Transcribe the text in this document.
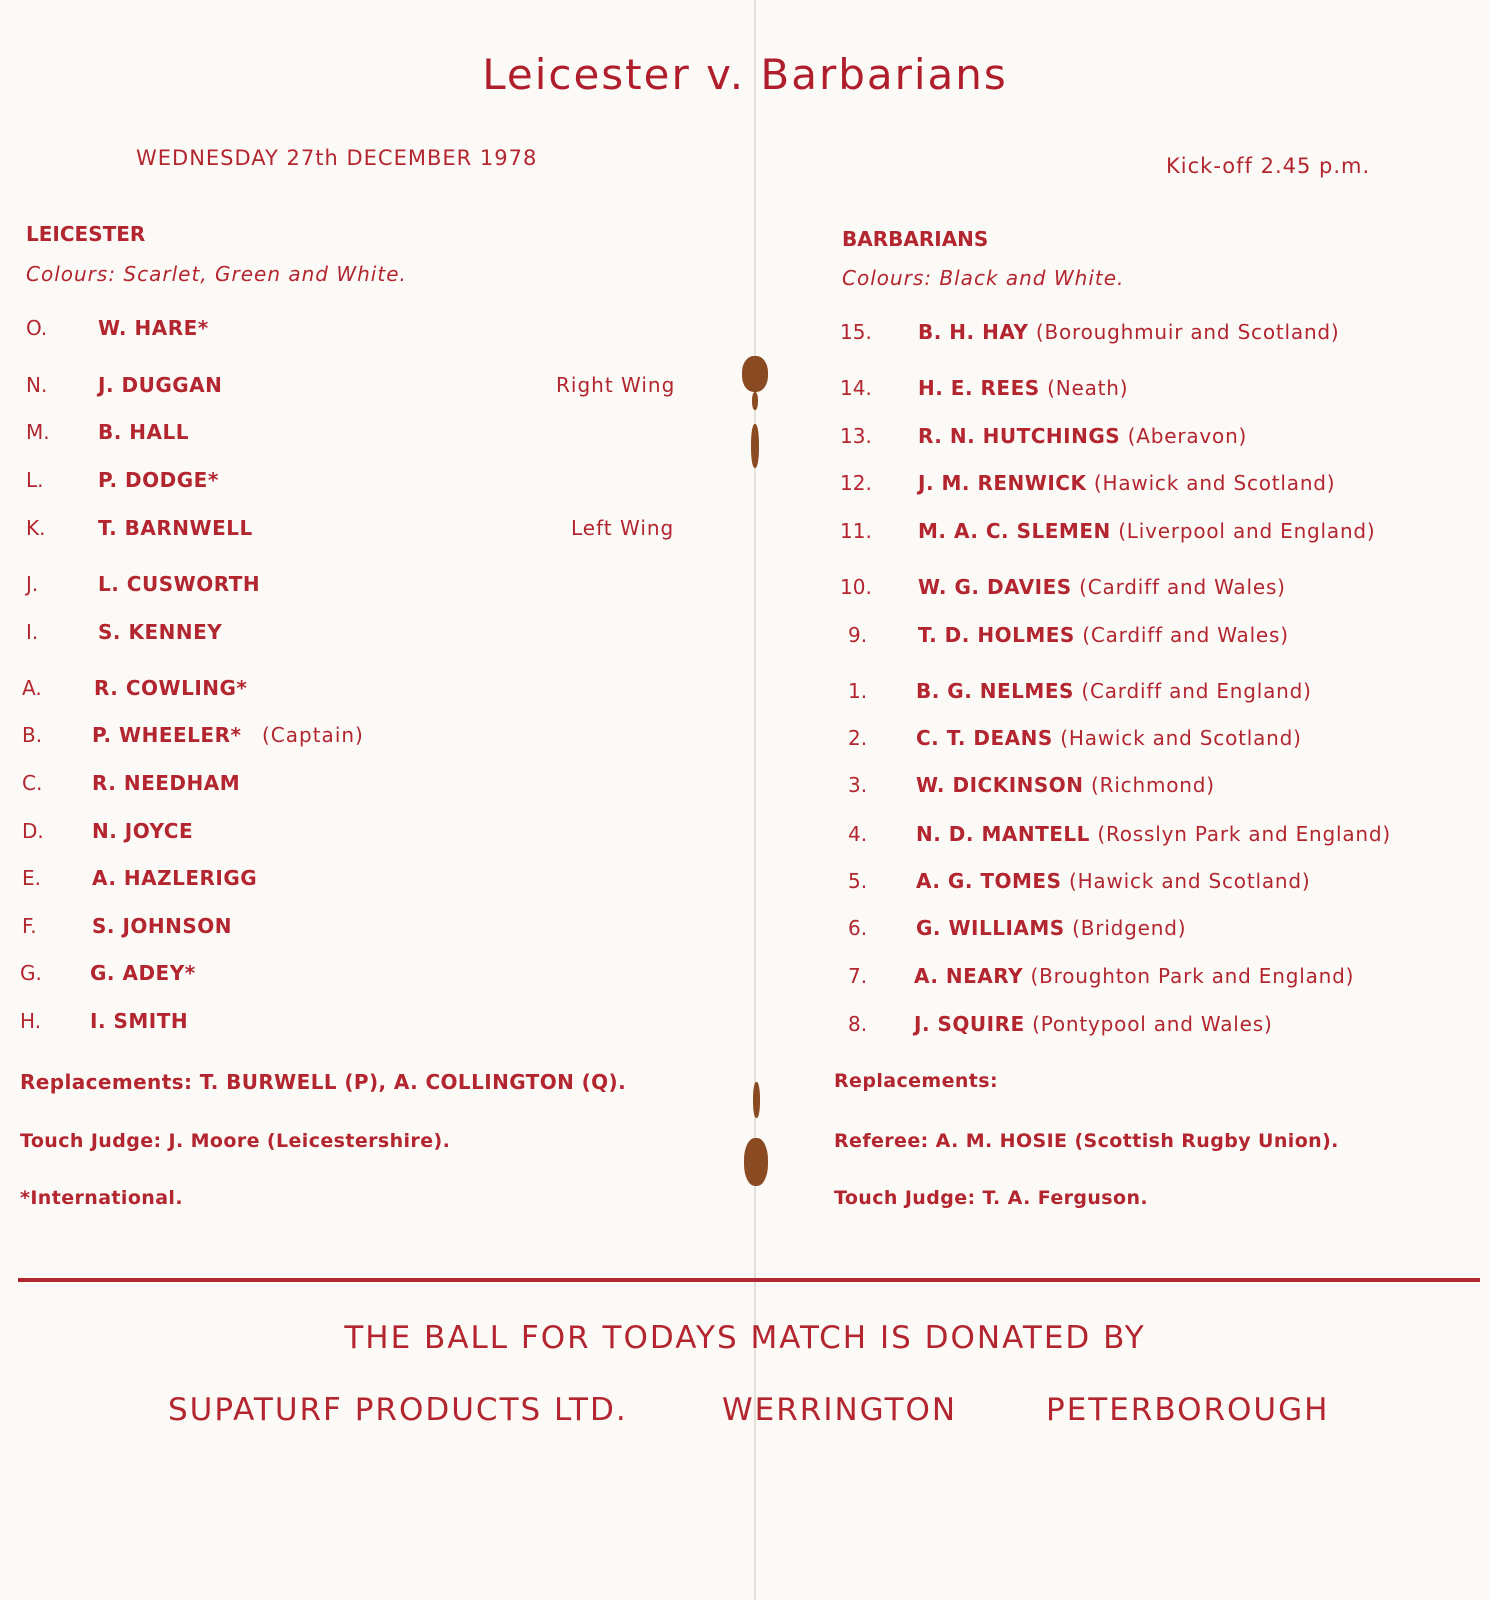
Leicester v. Barbarians
WEDNESDAY 27th DECEMBER 1978	Kick-off 2.45 p.m.
LEICESTER
Colours: Scarlet, Green and White.
O.	W. HARE*
N.	J. DUGGAN	Right Wing
M. B. HALL
L.	P. DODGE*
K.	T. BARNWELL	Left Wing
J.	L. CUSWORTH
I.	S. KENNEY
A.	R. COWLING*
B. P. WHEELER* (Captain)
C. R. NEEDHAM
D. N. JOYCE
E.	A. HAZLERIGG
F.	S. JOHNSON
G. G. ADEY*
H. I. SMITH
Replacements: T. BURWELL (P), A. COLLINGTON (Q).
Touch Judge: J. Moore (Leicestershire).
*International.
BARBARIANS
Colours: Black and White.
15. B. H. HAY (Boroughmuir and Scotland)
14. H. E. REES (Neath)
13. R. N. HUTCHINGS (Aberavon)
12. J. M. RENWICK (Hawick and Scotland)
11. M. A. C. SLEMEN (Liverpool and England)
10. W. G. DAVIES (Cardiff and Wales)
9.	T. D. HOLMES (Cardiff and Wales)
1. B. G. NELMES (Cardiff and England)
2. C. T. DEANS (Hawick and Scotland)
3. W. DICKINSON (Richmond)
4. N. D. MANTELL (Rosslyn Park and England)
5. A. G. TOMES (Hawick and Scotland)
6. G. WILLIAMS (Bridgend)
7. A. NEARY (Broughton Park and England)
8. J. SQUIRE (Pontypool and Wales)
Replacements:
Referee: A. M. HOSIE (Scottish Rugby Union).
Touch Judge: T. A. Ferguson.
THE BALL FOR TODAYS MATCH IS DONATED BY
SUPATURF PRODUCTS LTD.	WERRINGTON	PETERBOROUGH
